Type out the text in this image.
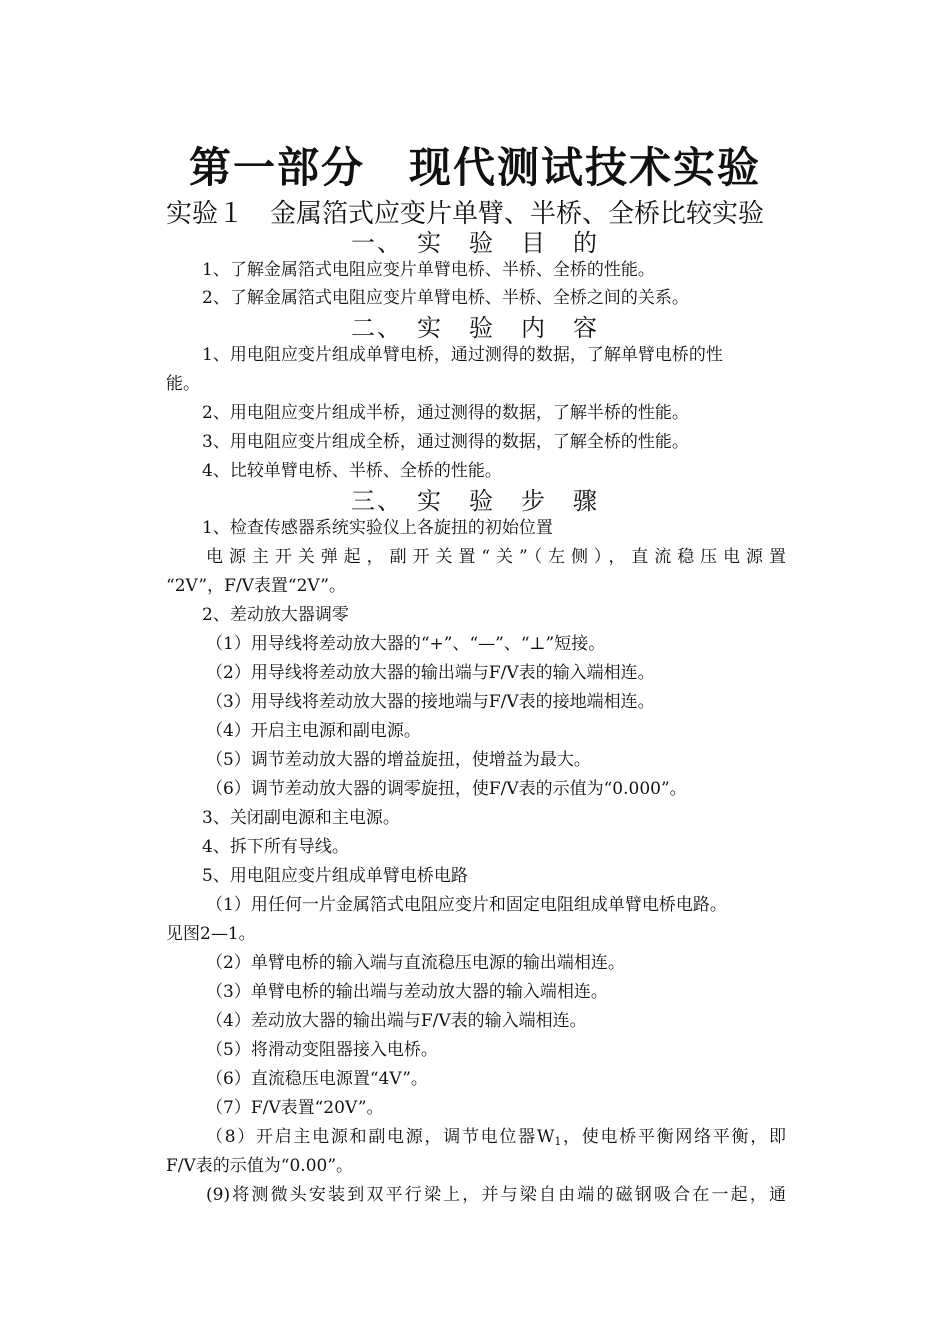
第一部分　现代测试技术实验
实验１　金属箔式应变片单臂、半桥、全桥比较实验
一、　实　验　目　的
1、了解金属箔式电阻应变片单臂电桥、半桥、全桥的性能。
2、了解金属箔式电阻应变片单臂电桥、半桥、全桥之间的关系。
二、　实　验　内　容
1、用电阻应变片组成单臂电桥，通过测得的数据，了解单臂电桥的性
能。
2、用电阻应变片组成半桥，通过测得的数据，了解半桥的性能。
3、用电阻应变片组成全桥，通过测得的数据，了解全桥的性能。
4、比较单臂电桥、半桥、全桥的性能。
三、　实　验　步　骤
1、检查传感器系统实验仪上各旋扭的初始位置
电源主开关弹起，副开关置“关”（左侧），直流稳压电源置
“2V”，F/V表置“2V”。
2、差动放大器调零
（1）用导线将差动放大器的“+”、“—”、“⊥”短接。
（2）用导线将差动放大器的输出端与F/V表的输入端相连。
（3）用导线将差动放大器的接地端与F/V表的接地端相连。
（4）开启主电源和副电源。
（5）调节差动放大器的增益旋扭，使增益为最大。
（6）调节差动放大器的调零旋扭，使F/V表的示值为“0.000”。
3、关闭副电源和主电源。
4、拆下所有导线。
5、用电阻应变片组成单臂电桥电路
（1）用任何一片金属箔式电阻应变片和固定电阻组成单臂电桥电路。
见图2—1。
（2）单臂电桥的输入端与直流稳压电源的输出端相连。
（3）单臂电桥的输出端与差动放大器的输入端相连。
（4）差动放大器的输出端与F/V表的输入端相连。
（5）将滑动变阻器接入电桥。
（6）直流稳压电源置“4V”。
（7）F/V表置“20V”。
（8）开启主电源和副电源，调节电位器W1，使电桥平衡网络平衡，即
F/V表的示值为“0.00”。
(9)将测微头安装到双平行梁上，并与梁自由端的磁钢吸合在一起，通
